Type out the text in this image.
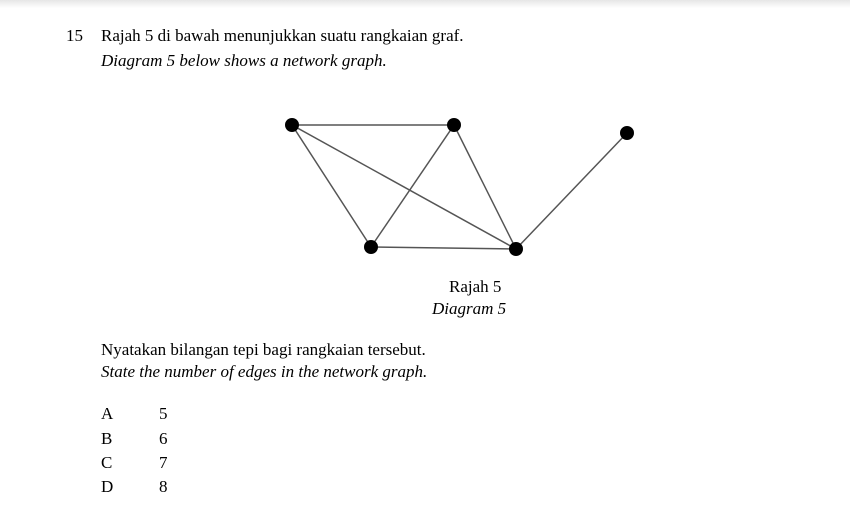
15 Rajah 5 di bawah menunjukkan suatu rangkaian graf.
Diagram 5 below shows a network graph.
Rajah 5
Diagram 5
Nyatakan bilangan tepi bagi rangkaian tersebut.
State the number of edges in the network graph.
A	5
B	6
C	7
D	8
